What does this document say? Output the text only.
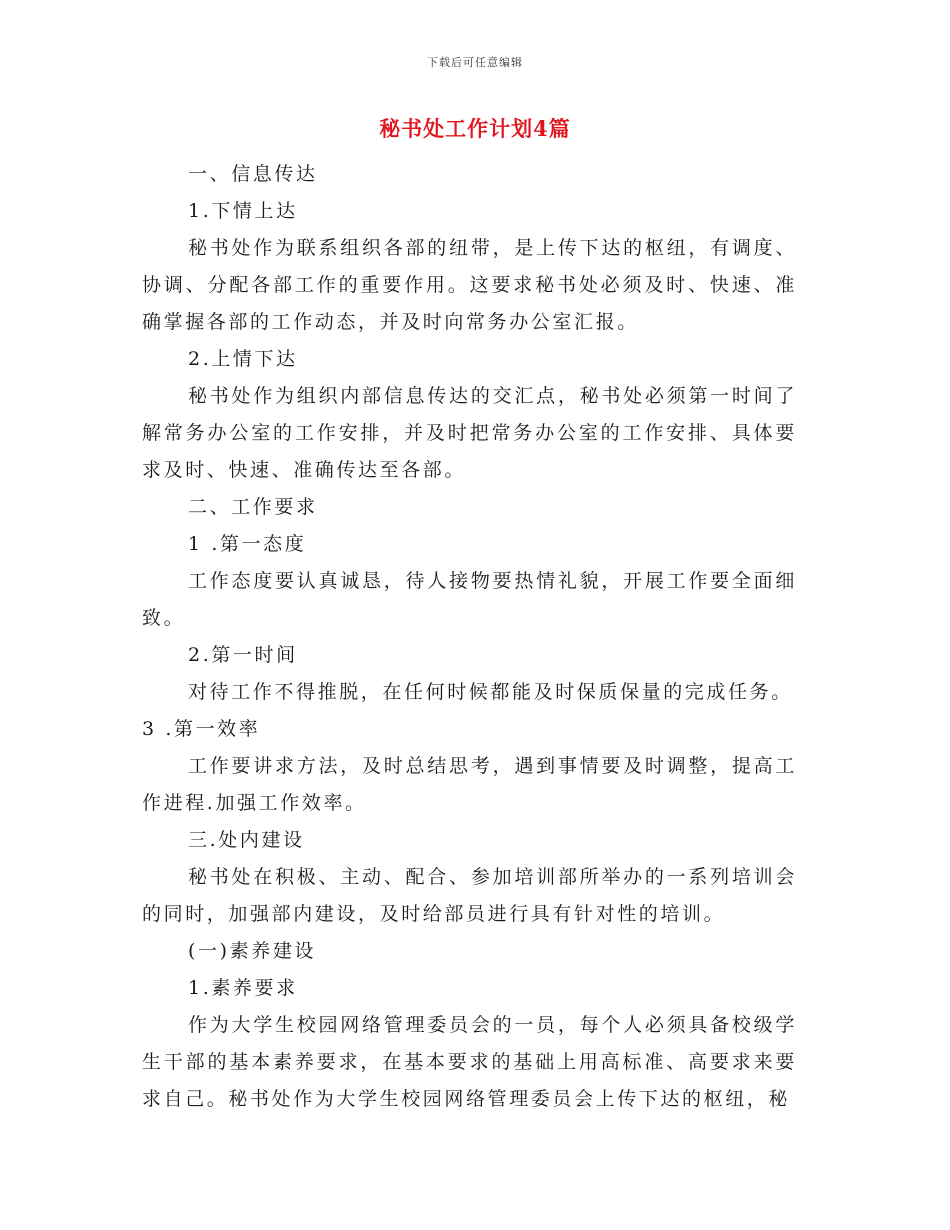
下载后可任意编辑
秘书处工作计划4篇

一、信息传达

1.下情上达

秘书处作为联系组织各部的纽带，是上传下达的枢纽，有调度、协调、分配各部工作的重要作用。这要求秘书处必须及时、快速、准确掌握各部的工作动态，并及时向常务办公室汇报。

2.上情下达

秘书处作为组织内部信息传达的交汇点，秘书处必须第一时间了解常务办公室的工作安排，并及时把常务办公室的工作安排、具体要求及时、快速、准确传达至各部。

二、工作要求

1 .第一态度

工作态度要认真诚恳，待人接物要热情礼貌，开展工作要全面细致。

2.第一时间

对待工作不得推脱，在任何时候都能及时保质保量的完成任务。

3 .第一效率

工作要讲求方法，及时总结思考，遇到事情要及时调整，提高工作进程.加强工作效率。

三.处内建设

秘书处在积极、主动、配合、参加培训部所举办的一系列培训会的同时，加强部内建设，及时给部员进行具有针对性的培训。

(一)素养建设

1.素养要求

作为大学生校园网络管理委员会的一员，每个人必须具备校级学生干部的基本素养要求，在基本要求的基础上用高标准、高要求来要求自己。秘书处作为大学生校园网络管理委员会上传下达的枢纽，秘
